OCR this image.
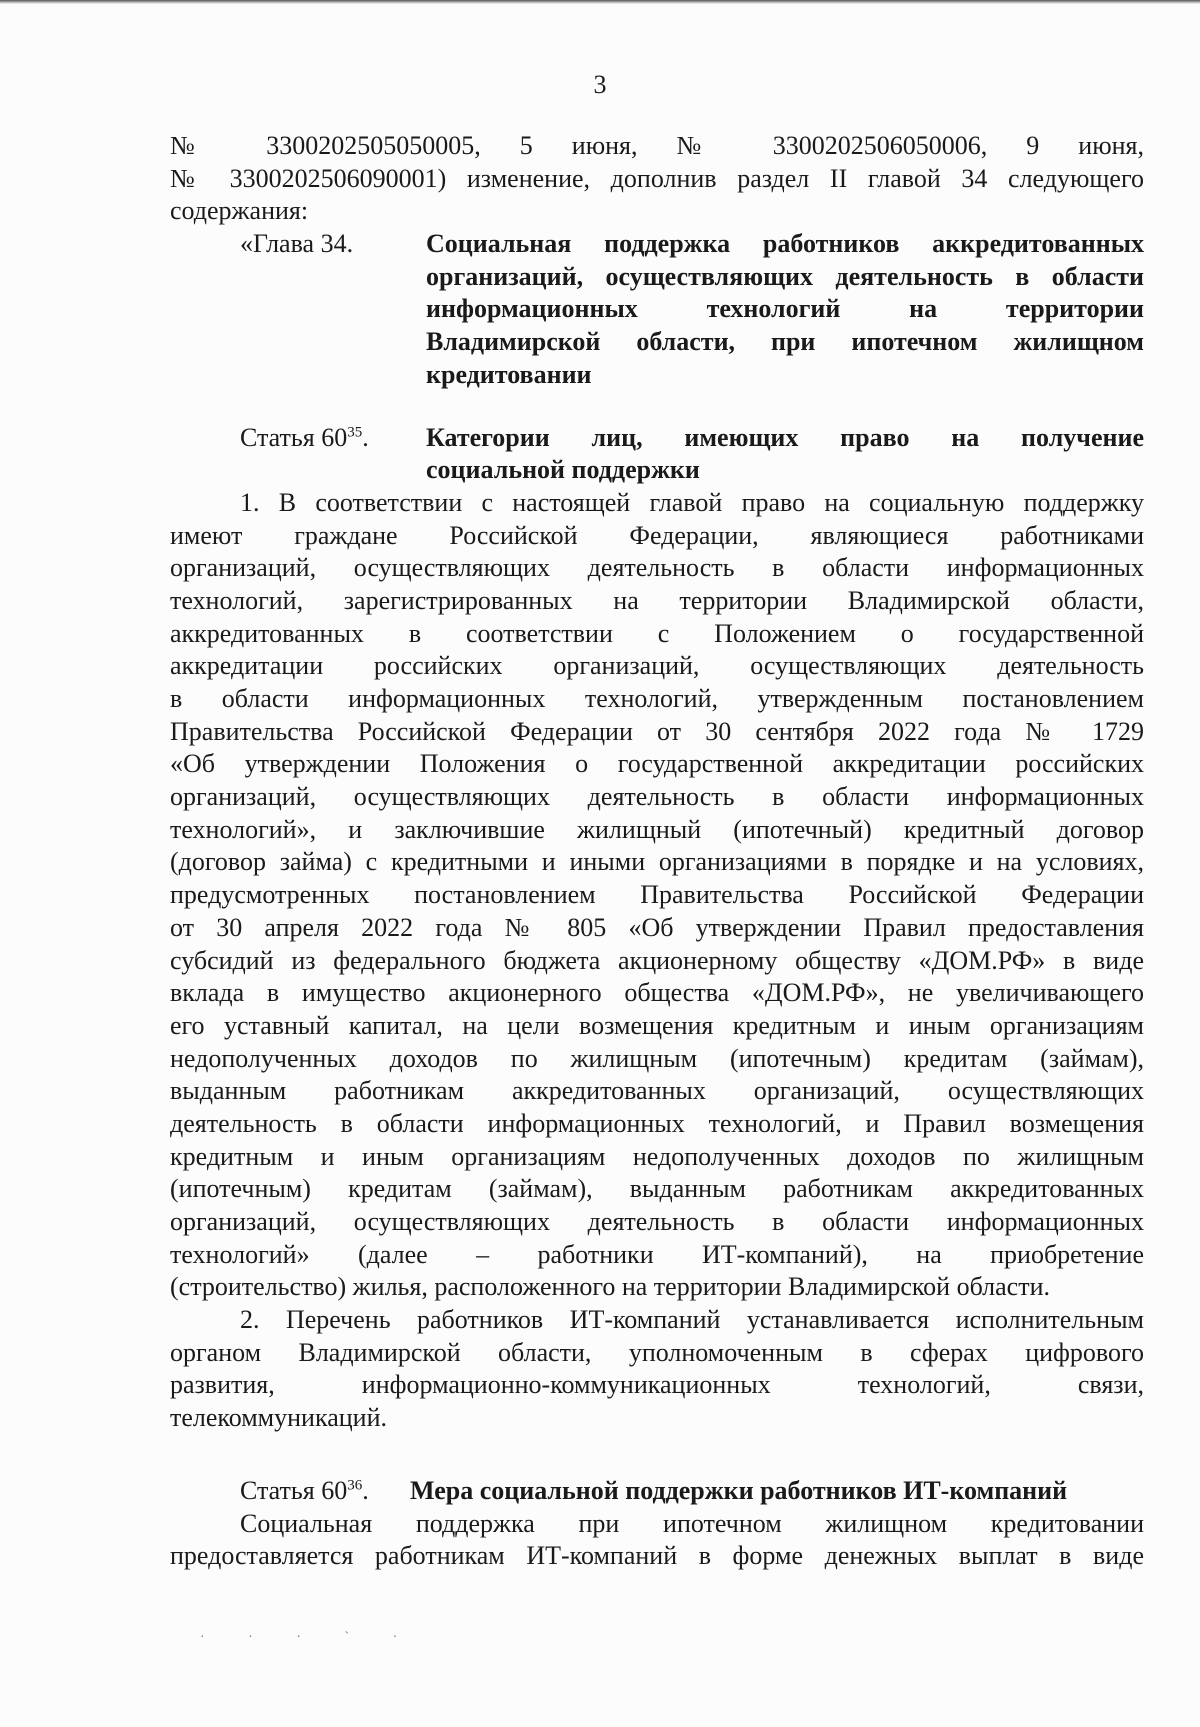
3
№ 3300202505050005, 5 июня, № 3300202506050006, 9 июня,
№ 3300202506090001) изменение, дополнив раздел II главой 34 следующего
содержания:
«Глава 34.	Социальная поддержка работников аккредитованных
организаций, осуществляющих деятельность в области
информационных технологий на территории
Владимирской области, при ипотечном жилищном
кредитовании
Статья $60^{35}$.	Категории лиц, имеющих право на получение
социальной поддержки
1. В соответствии с настоящей главой право на социальную поддержку
имеют граждане Российской Федерации, являющиеся работниками
организаций, осуществляющих деятельность в области информационных
технологий, зарегистрированных на территории Владимирской области,
аккредитованных в соответствии с Положением о государственной
аккредитации российских организаций, осуществляющих деятельность
в области информационных технологий, утвержденным постановлением
Правительства Российской Федерации от 30 сентября 2022 года № 1729
«Об утверждении Положения о государственной аккредитации российских
организаций, осуществляющих деятельность в области информационных
технологий», и заключившие жилищный (ипотечный) кредитный договор
(договор займа) с кредитными и иными организациями в порядке и на условиях,
предусмотренных постановлением Правительства Российской Федерации
от 30 апреля 2022 года № 805 «Об утверждении Правил предоставления
субсидий из федерального бюджета акционерному обществу «ДОМ.РФ» в виде
вклада в имущество акционерного общества «ДОМ.РФ», не увеличивающего
его уставный капитал, на цели возмещения кредитным и иным организациям
недополученных доходов по жилищным (ипотечным) кредитам (займам),
выданным работникам аккредитованных организаций, осуществляющих
деятельность в области информационных технологий, и Правил возмещения
кредитным и иным организациям недополученных доходов по жилищным
(ипотечным) кредитам (займам), выданным работникам аккредитованных
организаций, осуществляющих деятельность в области информационных
технологий» (далее – работники ИТ-компаний), на приобретение
(строительство) жилья, расположенного на территории Владимирской области.
2. Перечень работников ИТ-компаний устанавливается исполнительным
органом Владимирской области, уполномоченным в сферах цифрового
развития, информационно-коммуникационных технологий, связи,
телекоммуникаций.
Статья $60^{36}$.	Мера социальной поддержки работников ИТ-компаний
Социальная поддержка при ипотечном жилищном кредитовании
предоставляется работникам ИТ-компаний в форме денежных выплат в виде
· · · ˋ ·
